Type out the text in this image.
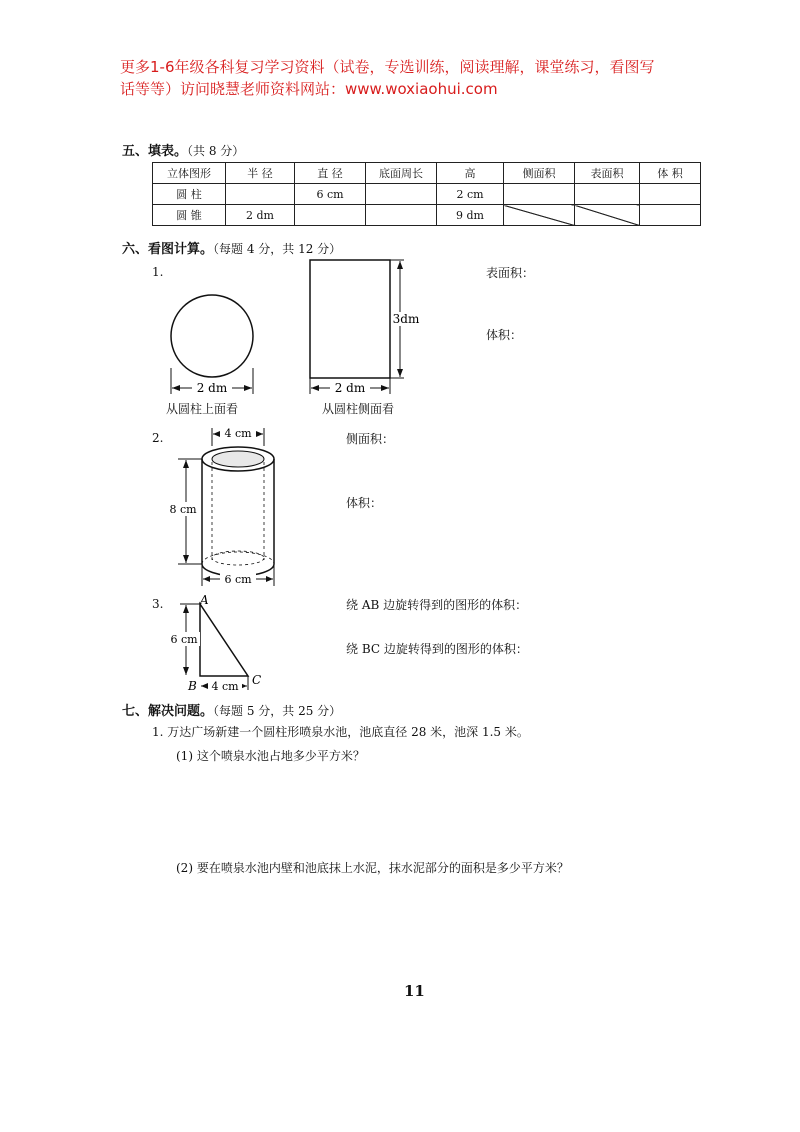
更多1-6年级各科复习学习资料（试卷，专选训练，阅读理解，课堂练习，看图写
话等等）访问晓慧老师资料网站：www.woxiaohui.com
五、填表。（共 8 分）
立体图形	半 径	直 径	底面周长	高	侧面积	表面积	体 积
圆 柱		6 cm		2 cm			
圆 锥	2 dm			9 dm			
六、看图计算。（每题 4 分，共 12 分）
1.
2 dm
从圆柱上面看
3dm
2 dm
从圆柱侧面看
表面积：
体积：
2.	4 cm
8 cm
6 cm
侧面积：
体积：
3.	A
B	C
6 cm
4 cm
绕 AB 边旋转得到的图形的体积：
绕 BC 边旋转得到的图形的体积：
七、解决问题。（每题 5 分，共 25 分）
1. 万达广场新建一个圆柱形喷泉水池，池底直径 28 米，池深 1.5 米。
(1) 这个喷泉水池占地多少平方米？
(2) 要在喷泉水池内壁和池底抹上水泥，抹水泥部分的面积是多少平方米？
11
